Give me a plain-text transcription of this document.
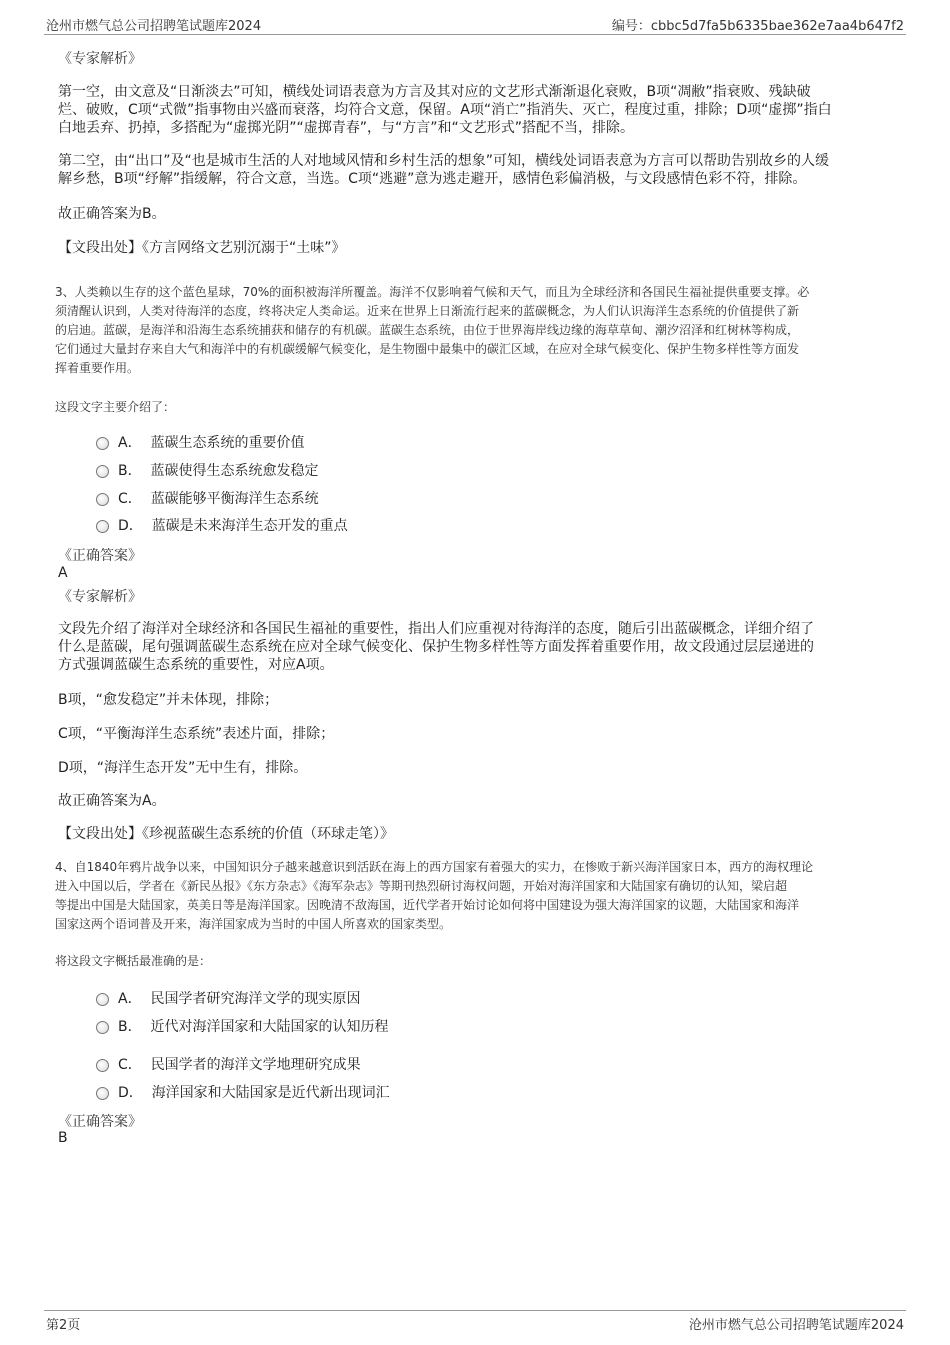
沧州市燃气总公司招聘笔试题库2024	编号：cbbc5d7fa5b6335bae362e7aa4b647f2
《专家解析》
第一空，由文意及“日渐淡去”可知，横线处词语表意为方言及其对应的文艺形式渐渐退化衰败，B项“凋敝”指衰败、残缺破
烂、破败，C项“式微”指事物由兴盛而衰落，均符合文意，保留。A项“消亡”指消失、灭亡，程度过重，排除；D项“虚掷”指白
白地丢弃、扔掉，多搭配为“虚掷光阴”“虚掷青春”，与“方言”和“文艺形式”搭配不当，排除。
第二空，由“出口”及“也是城市生活的人对地域风情和乡村生活的想象”可知，横线处词语表意为方言可以帮助告别故乡的人缓
解乡愁，B项“纾解”指缓解，符合文意，当选。C项“逃避”意为逃走避开，感情色彩偏消极，与文段感情色彩不符，排除。
故正确答案为B。
【文段出处】《方言网络文艺别沉溺于“土味”》
3、人类赖以生存的这个蓝色星球，70%的面积被海洋所覆盖。海洋不仅影响着气候和天气，而且为全球经济和各国民生福祉提供重要支撑。必
须清醒认识到，人类对待海洋的态度，终将决定人类命运。近来在世界上日渐流行起来的蓝碳概念，为人们认识海洋生态系统的价值提供了新
的启迪。蓝碳，是海洋和沿海生态系统捕获和储存的有机碳。蓝碳生态系统，由位于世界海岸线边缘的海草草甸、潮汐沼泽和红树林等构成，
它们通过大量封存来自大气和海洋中的有机碳缓解气候变化，是生物圈中最集中的碳汇区域，在应对全球气候变化、保护生物多样性等方面发
挥着重要作用。
这段文字主要介绍了：
A． 蓝碳生态系统的重要价值
B． 蓝碳使得生态系统愈发稳定
C． 蓝碳能够平衡海洋生态系统
D． 蓝碳是未来海洋生态开发的重点
《正确答案》
A
《专家解析》
文段先介绍了海洋对全球经济和各国民生福祉的重要性，指出人们应重视对待海洋的态度，随后引出蓝碳概念，详细介绍了
什么是蓝碳，尾句强调蓝碳生态系统在应对全球气候变化、保护生物多样性等方面发挥着重要作用，故文段通过层层递进的
方式强调蓝碳生态系统的重要性，对应A项。
B项，“愈发稳定”并未体现，排除；
C项，“平衡海洋生态系统”表述片面，排除；
D项，“海洋生态开发”无中生有，排除。
故正确答案为A。
【文段出处】《珍视蓝碳生态系统的价值（环球走笔）》
4、自1840年鸦片战争以来，中国知识分子越来越意识到活跃在海上的西方国家有着强大的实力，在惨败于新兴海洋国家日本，西方的海权理论
进入中国以后，学者在《新民丛报》《东方杂志》《海军杂志》等期刊热烈研讨海权问题，开始对海洋国家和大陆国家有确切的认知，梁启超
等提出中国是大陆国家，英美日等是海洋国家。因晚清不敌海国，近代学者开始讨论如何将中国建设为强大海洋国家的议题，大陆国家和海洋
国家这两个语词普及开来，海洋国家成为当时的中国人所喜欢的国家类型。
将这段文字概括最准确的是：
A． 民国学者研究海洋文学的现实原因
B． 近代对海洋国家和大陆国家的认知历程
C． 民国学者的海洋文学地理研究成果
D． 海洋国家和大陆国家是近代新出现词汇
《正确答案》
B
第2页	沧州市燃气总公司招聘笔试题库2024
